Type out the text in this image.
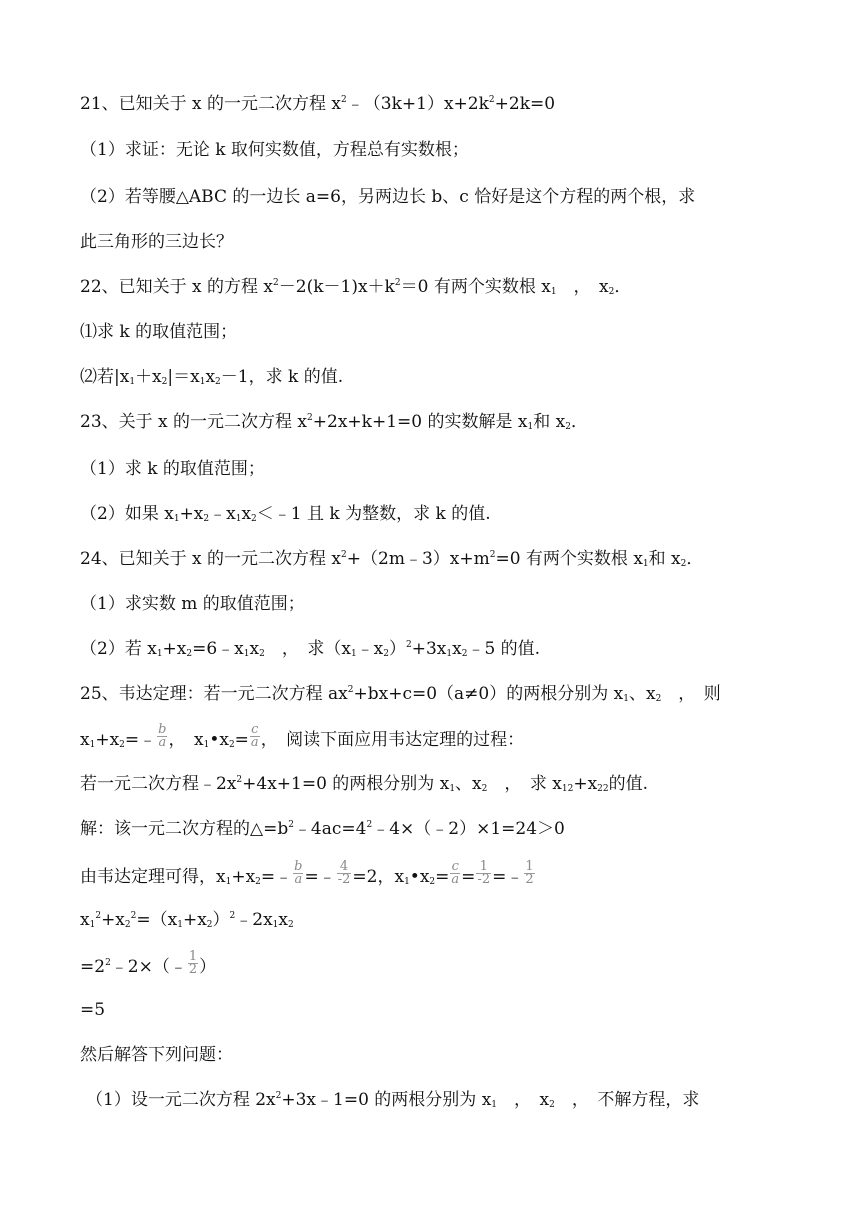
21、已知关于 x 的一元二次方程 $x^2﹣(3k+1)x+2k^2+2k=0$
（1）求证：无论 k 取何实数值，方程总有实数根；
（2）若等腰△ABC 的一边长 a=6，另两边长 b、c 恰好是这个方程的两个根，求
此三角形的三边长？
22、已知关于 x 的方程 $x^2-2(k-1)x+k^2=0$ 有两个实数根 $x_1$　，　$x_2$．
⑴求 k 的取值范围；
⑵若$|x_1+x_2|=x_1x_2-1$，求 k 的值.
23、关于 x 的一元二次方程 $x^2+2x+k+1=0$ 的实数解是 $x_1$和 $x_2$．
（1）求 k 的取值范围；
（2）如果 $x_1+x_2﹣x_1x_2<﹣1$ 且 k 为整数，求 k 的值.
24、已知关于 x 的一元二次方程 $x^2+(2m﹣3)x+m^2=0$ 有两个实数根 $x_1$和 $x_2$．
（1）求实数 m 的取值范围；
（2）若 $x_1+x_2=6﹣x_1x_2$　，　求$(x_1﹣x_2)^2+3x_1x_2﹣5$ 的值.
25、韦达定理：若一元二次方程 $ax^2+bx+c=0(a\ne 0)$的两根分别为 $x_1$、$x_2$　，　则
$x_1+x_2=﹣ \frac{b}{a}$ ，　$x_1•x_2= \frac{c}{a}$ ，　阅读下面应用韦达定理的过程：
若一元二次方程$﹣2x^2+4x+1=0$ 的两根分别为 $x_1$、$x_2$　，　求 $x_{12}+x_{22}$的值.
解：该一元二次方程的$\triangle=b^2﹣4ac=4^2﹣4\times(﹣2)\times 1=24>0$
由韦达定理可得，$x_1+x_2=﹣ \frac{b}{a}$ =﹣ $\frac{4}{-2} =2$，$x_1•x_2= \frac{c}{a} = \frac{1}{-2}$ =﹣ $\frac{1}{2}$
$x_1^2+x_2^2=(x_1+x_2)^2﹣2x_1x_2$
$=2^2﹣2\times(﹣ \frac{1}{2}$ ）
=5
然后解答下列问题：
（1）设一元二次方程 $2x^2+3x﹣1=0$ 的两根分别为 $x_1$　，　$x_2$　，　不解方程，求
